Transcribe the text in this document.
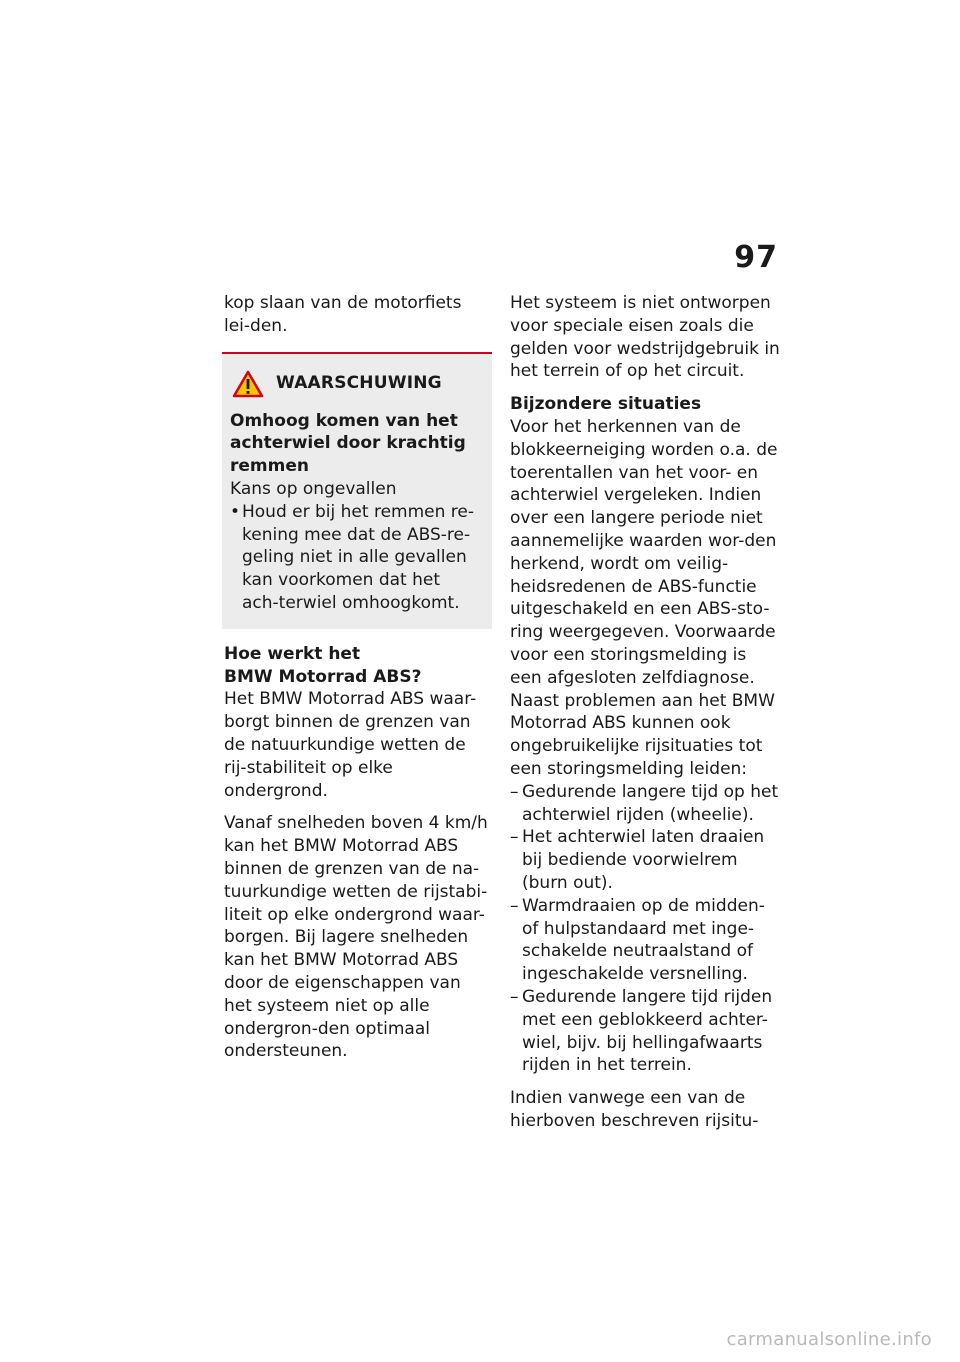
97

kop slaan van de motorfiets lei-den.

WAARSCHUWING

Omhoog komen van het achterwiel door krachtig remmen

Kans op ongevallen

• Houd er bij het remmen re-kening mee dat de ABS-re-geling niet in alle gevallen kan voorkomen dat het ach-terwiel omhoogkomt.

Hoe werkt het

BMW Motorrad ABS?

Het BMW Motorrad ABS waar-borgt binnen de grenzen van de natuurkundige wetten de rij-stabiliteit op elke ondergrond.

Vanaf snelheden boven 4 km/h kan het BMW Motorrad ABS binnen de grenzen van de na-tuurkundige wetten de rijstabi-liteit op elke ondergrond waar-borgen. Bij lagere snelheden kan het BMW Motorrad ABS door de eigenschappen van het systeem niet op alle ondergron-den optimaal ondersteunen.

Het systeem is niet ontworpen voor speciale eisen zoals die gelden voor wedstrijdgebruik in het terrein of op het circuit.

Bijzondere situaties

Voor het herkennen van de blokkeerneiging worden o.a. de toerentallen van het voor- en achterwiel vergeleken. Indien over een langere periode niet aannemelijke waarden wor-den herkend, wordt om veilig-heidsredenen de ABS-functie uitgeschakeld en een ABS-sto-ring weergegeven. Voorwaarde voor een storingsmelding is een afgesloten zelfdiagnose.

Naast problemen aan het BMW Motorrad ABS kunnen ook ongebruikelijke rijsituaties tot een storingsmelding leiden:

– Gedurende langere tijd op het achterwiel rijden (wheelie).
– Het achterwiel laten draaien bij bediende voorwielrem (burn out).
– Warmdraaien op de midden- of hulpstandaard met inge-schakelde neutraalstand of ingeschakelde versnelling.
– Gedurende langere tijd rijden met een geblokkeerd achter-wiel, bijv. bij hellingafwaarts rijden in het terrein.

Indien vanwege een van de hierboven beschreven rijsitu-

carmanualsonline.info
